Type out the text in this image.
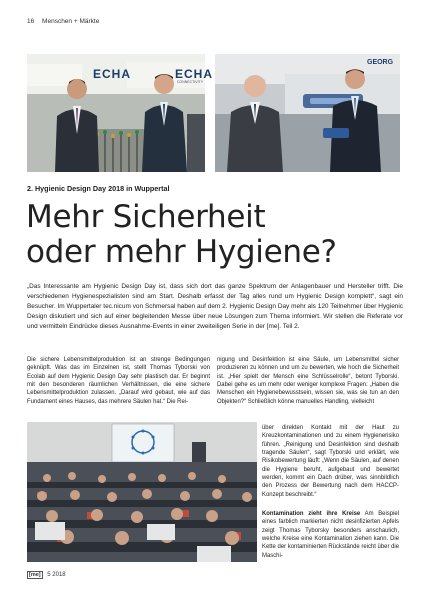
16 Menschen + Märkte
ECHA	ECHA
CONNECTIVITY
GEORG
2. Hygienic Design Day 2018 in Wuppertal
Mehr Sicherheit
oder mehr Hygiene?

„Das Interessante am Hygienic Design Day ist, dass sich dort das ganze Spektrum der Anlagenbauer und Hersteller trifft. Die verschiedenen Hygienespezialisten sind am Start. Deshalb erfasst der Tag alles rund um Hygienic Design komplett“, sagt ein Besucher. Im Wuppertaler tec.nicum von Schmersal haben auf dem 2. Hygienic Design Day mehr als 120 Teilnehmer über Hygienic Design diskutiert und sich auf einer begleitenden Messe über neue Lösungen zum Thema informiert. Wir stellen die Referate vor und vermitteln Eindrücke dieses Ausnahme-Events in einer zweiteiligen Serie in der [me]. Teil 2.

Die sichere Lebensmittelproduktion ist an strenge Bedingungen geknüpft. Was das im Einzelnen ist, stellt Thomas Tyborski von Ecolab auf dem Hygienic Design Day sehr plastisch dar. Er beginnt mit den besonderen räumlichen Verhältnissen, die eine sichere Lebensmittelproduktion zulassen. „Darauf wird gebaut, wie auf das Fundament eines Hauses, das mehrere Säulen hat.“ Die Rei-

nigung und Desinfektion ist eine Säule, um Lebensmittel sicher produzieren zu können und um zu bewerten, wie hoch die Sicherheit ist. „Hier spielt der Mensch eine Schlüsselrolle“, betont Tyborski. Dabei gehe es um mehr oder weniger komplexe Fragen: „Haben die Menschen ein Hygienebewusstsein, wissen sie, was sie tun an den Objekten?“ Schließlich könne manuelles Handling, vielleicht

über direkten Kontakt mit der Haut zu Kreuzkontaminationen und zu einem Hygienerisiko führen. „Reinigung und Desinfektion sind deshalb tragende Säulen“, sagt Tyborski und erklärt, wie Risikobewertung läuft: „Wenn die Säulen, auf denen die Hygiene beruht, aufgebaut und bewertet werden, kommt ein Dach drüber, was sinnbildlich den Prozess der Bewertung nach dem HACCP-Konzept beschreibt.“

Kontamination zieht ihre Kreise Am Beispiel eines farblich markierten nicht desinfizierten Apfels zeigt Thomas Tyborsky besonders anschaulich, welche Kreise eine Kontamination ziehen kann. Die Kette der kontaminierten Rückstände reicht über die Maschi-

[me] 5 2018
